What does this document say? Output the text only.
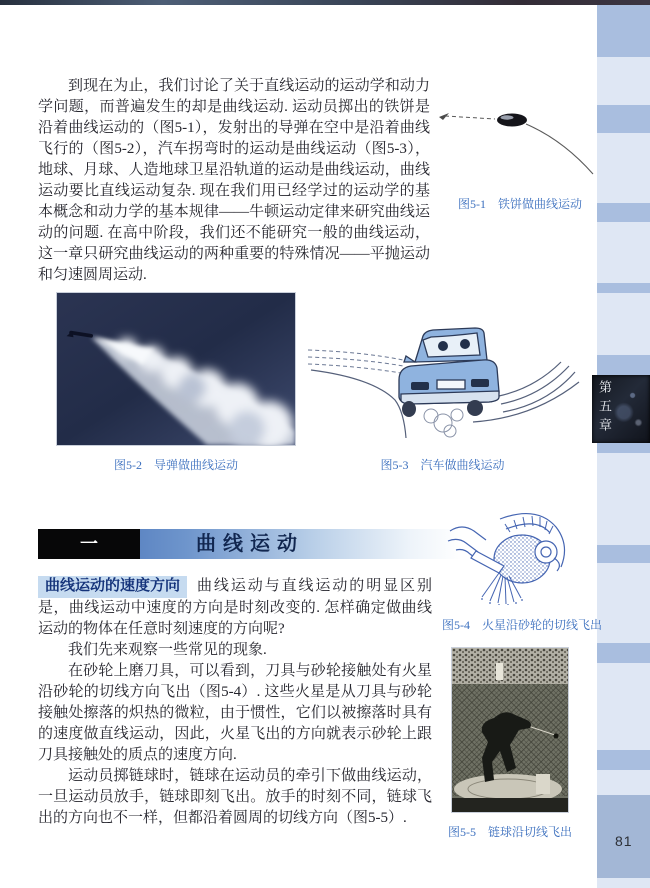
第五章
81
到现在为止，我们讨论了关于直线运动的运动学和动力学问题，而普遍发生的却是曲线运动. 运动员掷出的铁饼是沿着曲线运动的（图5-1），发射出的导弹在空中是沿着曲线飞行的（图5-2），汽车拐弯时的运动是曲线运动（图5-3），地球、月球、人造地球卫星沿轨道的运动是曲线运动，曲线运动要比直线运动复杂. 现在我们用已经学过的运动学的基本概念和动力学的基本规律——牛顿运动定律来研究曲线运动的问题. 在高中阶段，我们还不能研究一般的曲线运动，这一章只研究曲线运动的两种重要的特殊情况——平抛运动和匀速圆周运动.
图5-1　铁饼做曲线运动
图5-2　导弹做曲线运动	图5-3　汽车做曲线运动
一	曲线运动

曲线运动的速度方向 曲线运动与直线运动的明显区别是，曲线运动中速度的方向是时刻改变的. 怎样确定做曲线运动的物体在任意时刻速度的方向呢?

我们先来观察一些常见的现象.

在砂轮上磨刀具，可以看到，刀具与砂轮接触处有火星沿砂轮的切线方向飞出（图5-4）. 这些火星是从刀具与砂轮接触处擦落的炽热的微粒，由于惯性，它们以被擦落时具有的速度做直线运动，因此，火星飞出的方向就表示砂轮上跟刀具接触处的质点的速度方向.

运动员掷链球时，链球在运动员的牵引下做曲线运动，一旦运动员放手，链球即刻飞出。放手的时刻不同，链球飞出的方向也不一样，但都沿着圆周的切线方向（图5-5）.

图5-4　火星沿砂轮的切线飞出
图5-5　链球沿切线飞出
